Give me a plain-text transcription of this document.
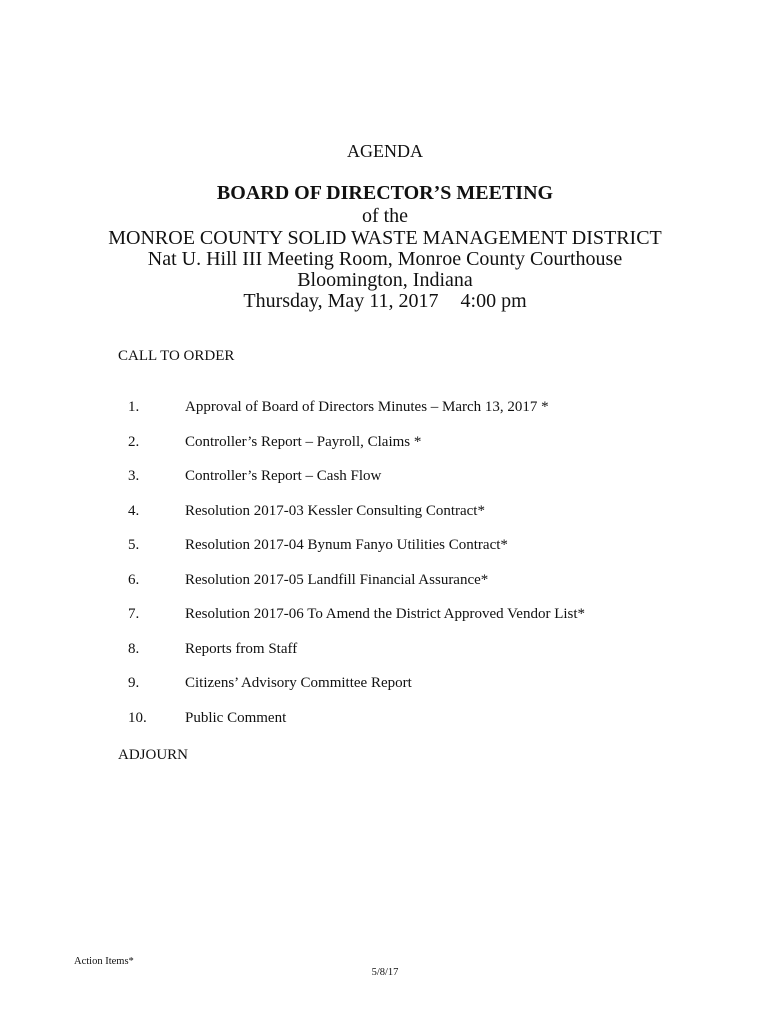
AGENDA
BOARD OF DIRECTOR’S MEETING
of the
MONROE COUNTY SOLID WASTE MANAGEMENT DISTRICT
Nat U. Hill III Meeting Room, Monroe County Courthouse
Bloomington, Indiana
Thursday, May 11, 2017 4:00 pm
CALL TO ORDER
1.	Approval of Board of Directors Minutes – March 13, 2017 *
2.	Controller’s Report – Payroll, Claims *
3.	Controller’s Report – Cash Flow
4.	Resolution 2017-03 Kessler Consulting Contract*
5.	Resolution 2017-04 Bynum Fanyo Utilities Contract*
6.	Resolution 2017-05 Landfill Financial Assurance*
7.	Resolution 2017-06 To Amend the District Approved Vendor List*
8.	Reports from Staff
9.	Citizens’ Advisory Committee Report
10.	Public Comment
ADJOURN
Action Items*
5/8/17
